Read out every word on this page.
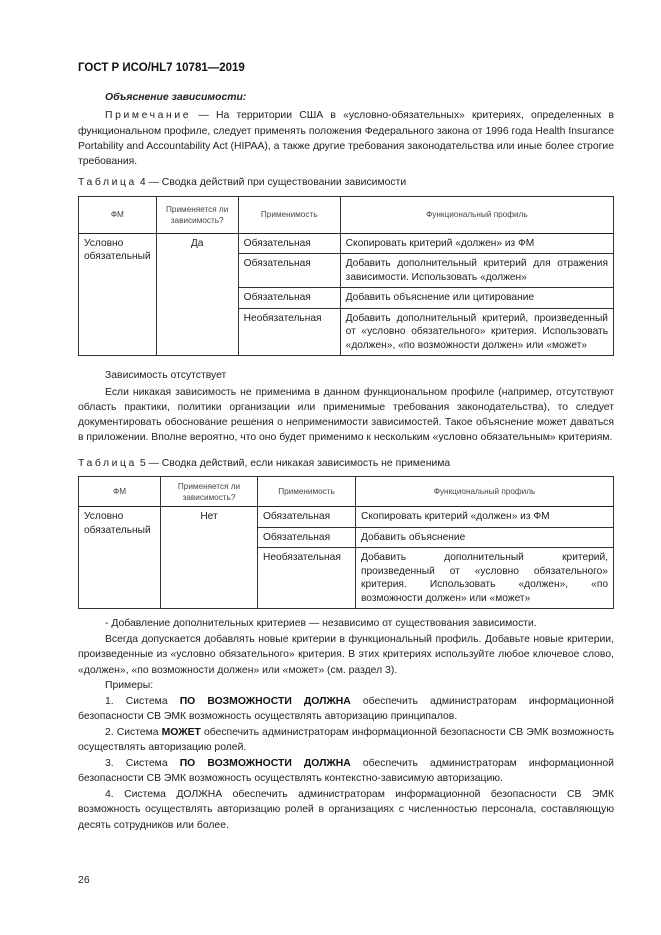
ГОСТ Р ИСО/HL7 10781—2019
Объяснение зависимости:
Примечание — На территории США в «условно-обязательных» критериях, определенных в функциональном профиле, следует применять положения Федерального закона от 1996 года Health Insurance Portability and Accountability Act (HIPAA), а также другие требования законодательства или иные более строгие требования.
Таблица 4 — Сводка действий при существовании зависимости
ФМ	Применяется ли зависимость?	Применимость	Функциональный профиль
Условно обязательный	Да	Обязательная	Скопировать критерий «должен» из ФМ
		Обязательная	Добавить дополнительный критерий для отражения зависимости. Использовать «должен»
		Обязательная	Добавить объяснение или цитирование
		Необязательная	Добавить дополнительный критерий, произведенный от «условно обязательного» критерия. Использовать «должен», «по возможности должен» или «может»
Зависимость отсутствует
Если никакая зависимость не применима в данном функциональном профиле (например, отсутствуют область практики, политики организации или применимые требования законодательства), то следует документировать обоснование решения о неприменимости зависимостей. Такое объяснение может даваться в приложении. Вполне вероятно, что оно будет применимо к нескольким «условно обязательным» критериям.
Таблица 5 — Сводка действий, если никакая зависимость не применима
ФМ	Применяется ли зависимость?	Применимость	Функциональный профиль
Условно обязательный	Нет	Обязательная	Скопировать критерий «должен» из ФМ
		Обязательная	Добавить объяснение
		Необязательная	Добавить дополнительный критерий, произведенный от «условно обязательного» критерия. Использовать «должен», «по возможности должен» или «может»
- Добавление дополнительных критериев — независимо от существования зависимости.
Всегда допускается добавлять новые критерии в функциональный профиль. Добавьте новые критерии, произведенные из «условно обязательного» критерия. В этих критериях используйте любое ключевое слово, «должен», «по возможности должен» или «может» (см. раздел 3).
Примеры:
1. Система ПО ВОЗМОЖНОСТИ ДОЛЖНА обеспечить администраторам информационной безопасности СВ ЭМК возможность осуществлять авторизацию принципалов.
2. Система МОЖЕТ обеспечить администраторам информационной безопасности СВ ЭМК возможность осуществлять авторизацию ролей.
3. Система ПО ВОЗМОЖНОСТИ ДОЛЖНА обеспечить администраторам информационной безопасности СВ ЭМК возможность осуществлять контекстно-зависимую авторизацию.
4. Система ДОЛЖНА обеспечить администраторам информационной безопасности СВ ЭМК возможность осуществлять авторизацию ролей в организациях с численностью персонала, составляющую десять сотрудников или более.
26
